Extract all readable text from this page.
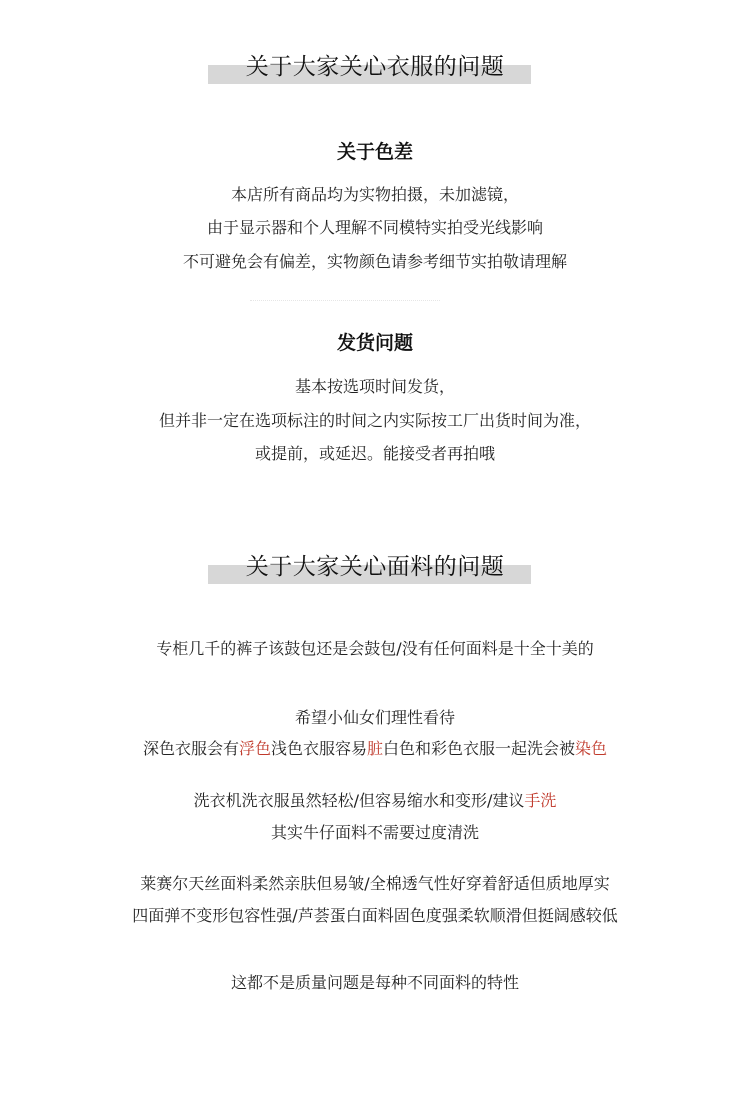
关于大家关心衣服的问题
关于色差
本店所有商品均为实物拍摄，未加滤镜，
由于显示器和个人理解不同模特实拍受光线影响
不可避免会有偏差，实物颜色请参考细节实拍敬请理解
发货问题
基本按选项时间发货，
但并非一定在选项标注的时间之内实际按工厂出货时间为准，
或提前，或延迟。能接受者再拍哦
关于大家关心面料的问题
专柜几千的裤子该鼓包还是会鼓包/没有任何面料是十全十美的
希望小仙女们理性看待
深色衣服会有浮色浅色衣服容易脏白色和彩色衣服一起洗会被染色
洗衣机洗衣服虽然轻松/但容易缩水和变形/建议手洗
其实牛仔面料不需要过度清洗
莱赛尔天丝面料柔然亲肤但易皱/全棉透气性好穿着舒适但质地厚实
四面弹不变形包容性强/芦荟蛋白面料固色度强柔软顺滑但挺阔感较低
这都不是质量问题是每种不同面料的特性
